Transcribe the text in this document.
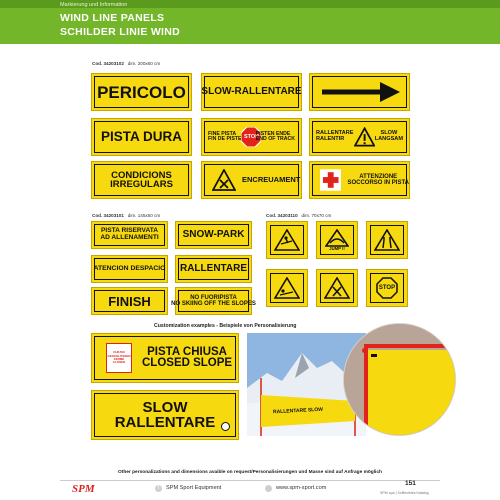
Markierung und Information
WIND LINE PANELS
SCHILDER LINIE WIND
Cod. 34203102 dim. 200x60 cm
Cod. 34203101 dim. 145x50 cm	Cod. 34203110 dim. 70x70 cm
PERICOLO SLOW-RALLENTARE
PISTA DURA	FINE PISTA
FIN DE PISTE STOP
PISTEN ENDE
END OF TRACK
RALLENTARE
RALENTIR
SLOW
LANGSAM
CONDICIONS
IRREGULARS	ENCREUAMENT	ATTENZIONE
SOCCORSO IN PISTA
PISTA RISERVATA
AD ALLENAMENTI SNOW-PARK
ATENCION DESPACIO RALLENTARE
FINISH	NO FUORIPISTA
NO SKIING OFF THE SLOPES
JUMP !!
STOP
Customization examples - Beispiele von Personalisierung
CHIUSO
GESCHLOSSEN
FERMÉ
CLOSED
PISTA CHIUSA
CLOSED SLOPE
SLOW
RALLENTARE
RALLENTARE SLOW
Other personalizations and dimensions avaible on request/Personalisierungen und Masse sind auf Anfrage möglich
SPM	f	SPM Sport Equipment	www.spm-sport.com
151
SPM spa | Sciflexibles Katalog
